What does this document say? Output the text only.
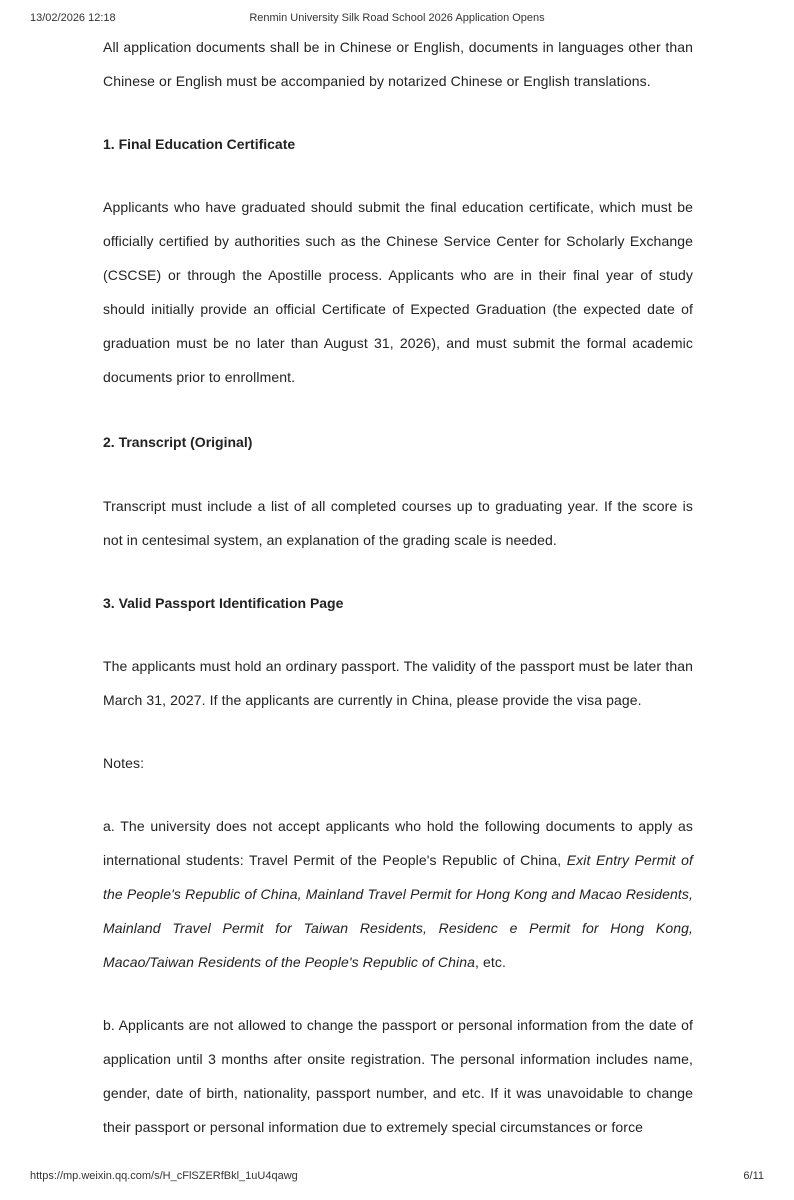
13/02/2026 12:18	Renmin University Silk Road School 2026 Application Opens

All application documents shall be in Chinese or English, documents in languages other than Chinese or English must be accompanied by notarized Chinese or English translations.

1. Final Education Certificate

Applicants who have graduated should submit the final education certificate, which must be officially certified by authorities such as the Chinese Service Center for Scholarly Exchange (CSCSE) or through the Apostille process. Applicants who are in their final year of study should initially provide an official Certificate of Expected Graduation (the expected date of graduation must be no later than August 31, 2026), and must submit the formal academic documents prior to enrollment.

2. Transcript (Original)

Transcript must include a list of all completed courses up to graduating year. If the score is not in centesimal system, an explanation of the grading scale is needed.

3. Valid Passport Identification Page

The applicants must hold an ordinary passport. The validity of the passport must be later than March 31, 2027. If the applicants are currently in China, please provide the visa page.

Notes:

a. The university does not accept applicants who hold the following documents to apply as international students: Travel Permit of the People's Republic of China, Exit Entry Permit of the People's Republic of China, Mainland Travel Permit for Hong Kong and Macao Residents, Mainland Travel Permit for Taiwan Residents, Residenc e Permit for Hong Kong, Macao/Taiwan Residents of the People's Republic of China, etc.

b. Applicants are not allowed to change the passport or personal information from the date of application until 3 months after onsite registration. The personal information includes name, gender, date of birth, nationality, passport number, and etc. If it was unavoidable to change their passport or personal information due to extremely special circumstances or force

https://mp.weixin.qq.com/s/H_cFlSZERfBkl_1uU4qawg	6/11
